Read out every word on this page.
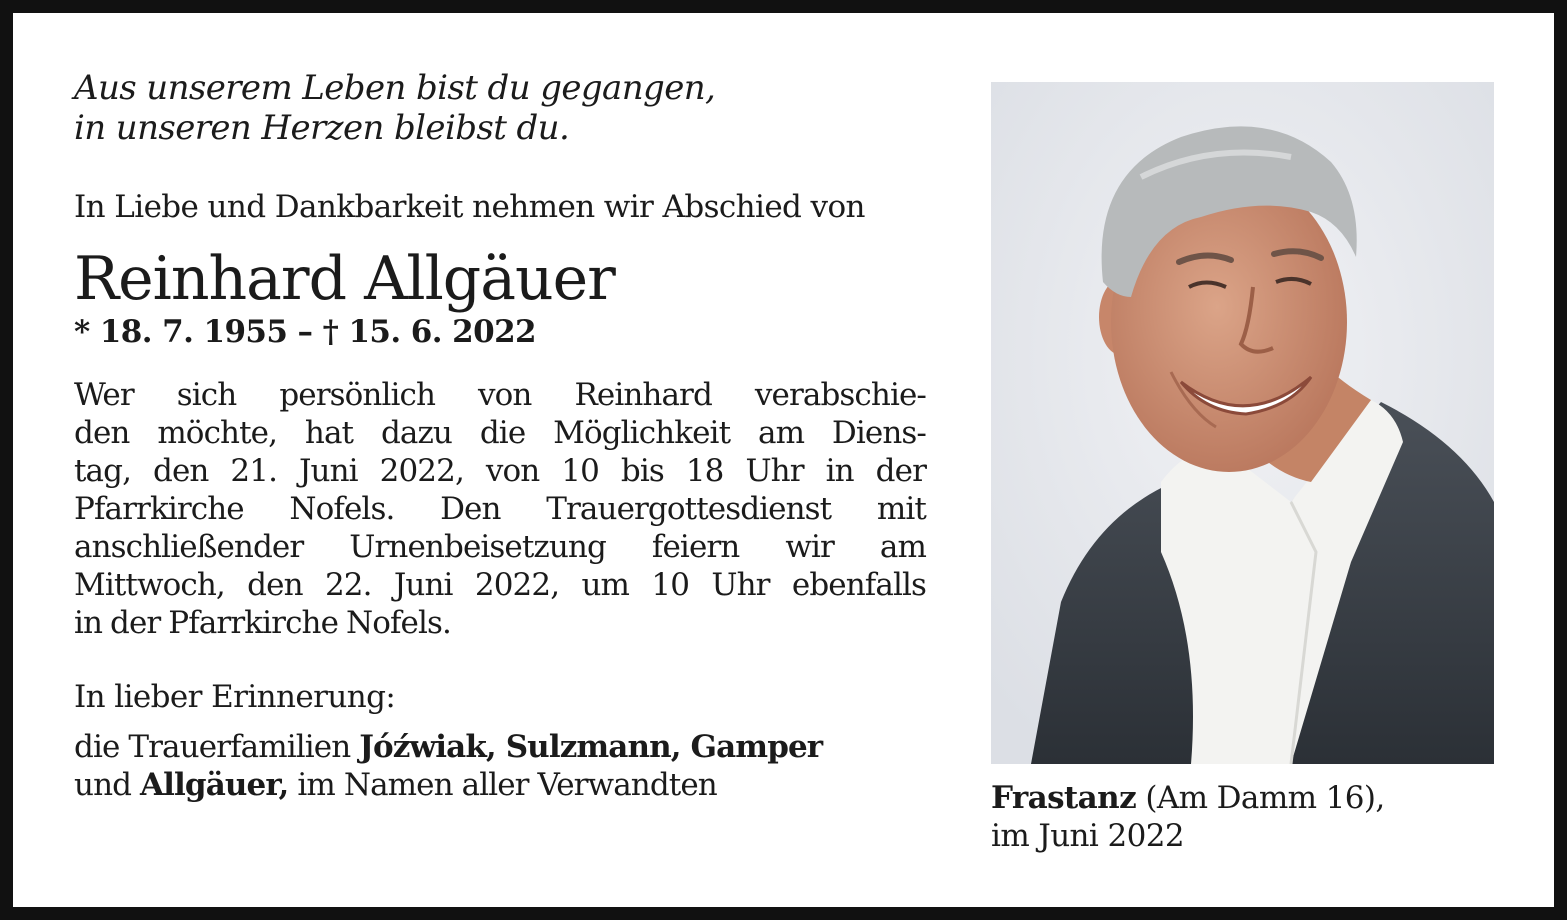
Aus unserem Leben bist du gegangen,
in unseren Herzen bleibst du.

In Liebe und Dankbarkeit nehmen wir Abschied von

Reinhard Allgäuer

* 18. 7. 1955 – † 15. 6. 2022

Wer sich persönlich von Reinhard verabschie-
den möchte, hat dazu die Möglichkeit am Diens-
tag, den 21. Juni 2022, von 10 bis 18 Uhr in der
Pfarrkirche Nofels. Den Trauergottesdienst mit
anschließender Urnenbeisetzung feiern wir am
Mittwoch, den 22. Juni 2022, um 10 Uhr ebenfalls
in der Pfarrkirche Nofels.

In lieber Erinnerung:

die Trauerfamilien Jóźwiak, Sulzmann, Gamper
und Allgäuer, im Namen aller Verwandten	Frastanz (Am Damm 16),
im Juni 2022
